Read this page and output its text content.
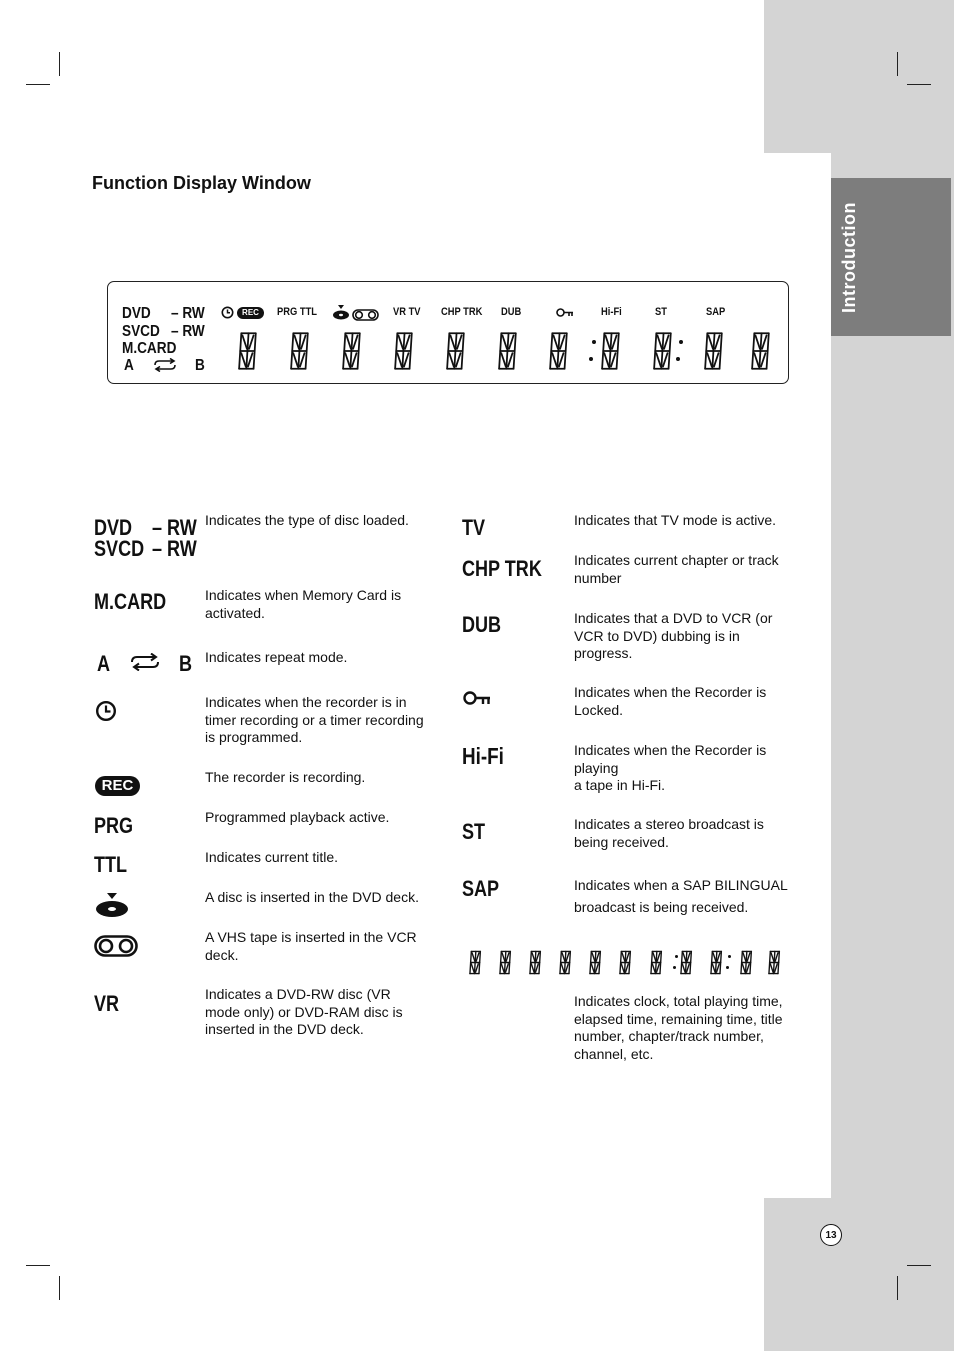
Introduction
Function Display Window
DVD – RW
SVCD – RW
M.CARD
A	B
REC	PRG TTL	VR TV CHP TRK DUB	Hi-Fi	ST	SAP
DVD – RW
SVCD – RW
Indicates the type of disc loaded.
M.CARD	Indicates when Memory Card is activated.
A	B Indicates repeat mode.
Indicates when the recorder is in timer recording or a timer recording is programmed.
REC	The recorder is recording.
PRG	Programmed playback active.
TTL	Indicates current title.
A disc is inserted in the DVD deck.
A VHS tape is inserted in the VCR deck.
VR	Indicates a DVD-RW disc (VR mode only) or DVD-RAM disc is inserted in the DVD deck.
TV	Indicates that TV mode is active.
CHP TRK Indicates current chapter or track number
DUB	Indicates that a DVD to VCR (or VCR to DVD) dubbing is in progress.
Indicates when the Recorder is Locked.
Hi-Fi	Indicates when the Recorder is
playing
a tape in Hi-Fi.
ST	Indicates a stereo broadcast is being received.
SAP	Indicates when a SAP BILINGUAL
broadcast is being received.
Indicates clock, total playing time, elapsed time, remaining time, title number, chapter/track number, channel, etc.
13
